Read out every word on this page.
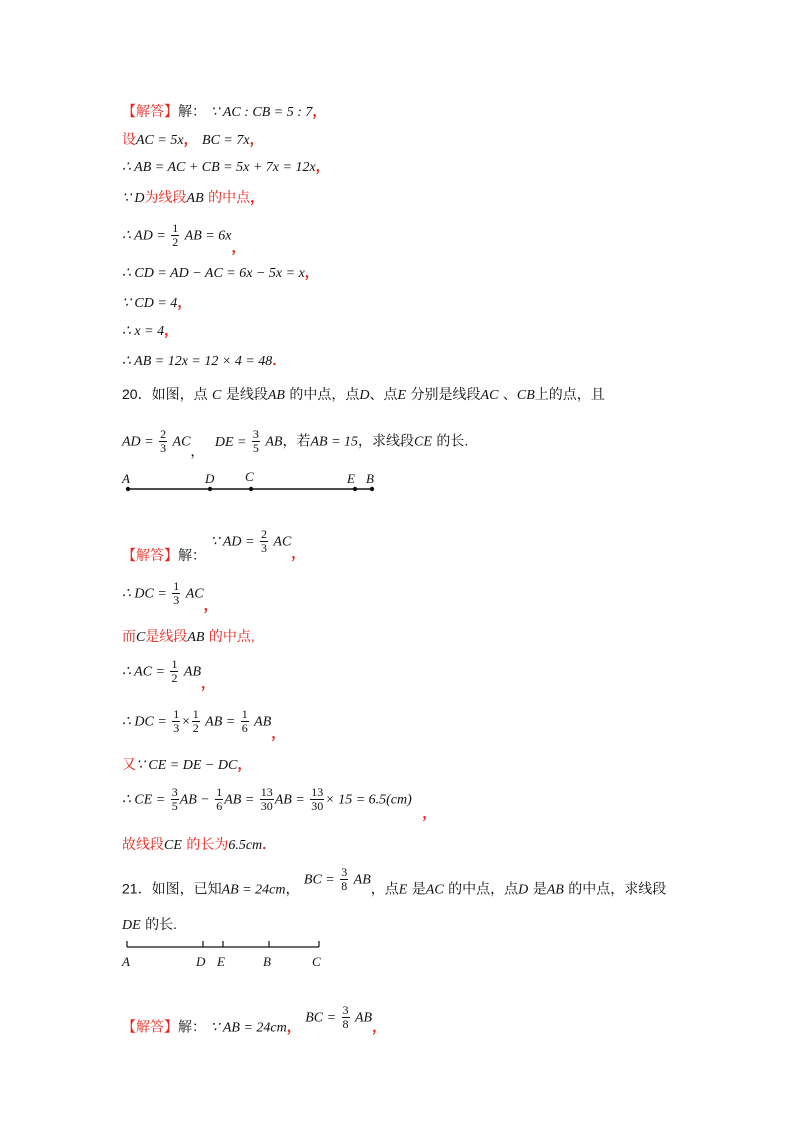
【解答】解： ∵ AC : CB = 5 : 7，
设AC = 5x， BC = 7x，
∴ AB = AC + CB = 5x + 7x = 12x，
∵ D为线段AB 的中点，
∴ AD = $\frac{1}{2}$ AB = 6x，
∴ CD = AD − AC = 6x − 5x = x，
∵ CD = 4，
∴ x = 4，
∴ AB = 12x = 12 × 4 = 48．
20．如图，点 C 是线段AB 的中点，点D、点E 分别是线段AC 、CB上的点，且
AD = $\frac{2}{3}$ AC， DE = $\frac{3}{5}$ AB，若AB = 15，求线段CE 的长.
A	D C	E B
【解答】解： ∵ AD = $\frac{2}{3}$ AC，
∴ DC = $\frac{1}{3}$ AC，
而C是线段AB 的中点,
∴ AC = $\frac{1}{2}$ AB，
∴ DC = $\frac{1}{3} \times \frac{1}{2}$ AB = $\frac{1}{6}$ AB，
又∵ CE = DE − DC，
∴ CE = $\frac{3}{5}$ AB − $\frac{1}{6}$ AB = $\frac{13}{30}$ AB = $\frac{13}{30} \times 15 = 6.5(cm)$ ，
故线段CE 的长为6.5cm．
21．如图，已知AB = 24cm， BC = $\frac{3}{8}$ AB，点E 是AC 的中点，点D 是AB 的中点，求线段
DE 的长.
A	D E	B	C
【解答】解： ∵ AB = 24cm， BC = $\frac{3}{8}$ AB，
